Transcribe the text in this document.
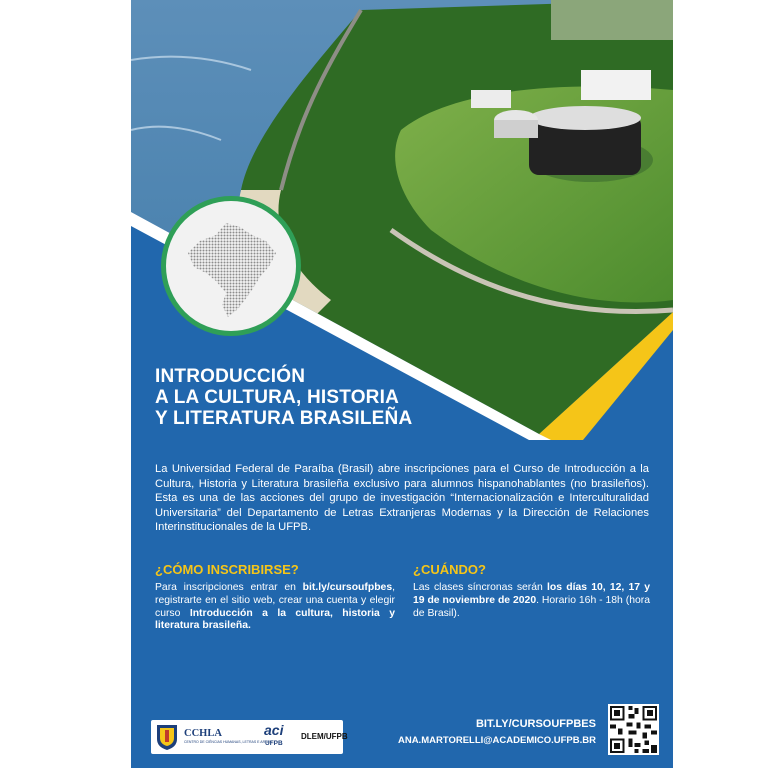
INTRODUCCIÓN
A LA CULTURA, HISTORIA
Y LITERATURA BRASILEÑA

La Universidad Federal de Paraíba (Brasil) abre inscripciones para el Curso de Introducción a la Cultura, Historia y Literatura brasileña exclusivo para alumnos hispanohablantes (no brasileños). Esta es una de las acciones del grupo de investigación “Internacionalización e Interculturalidad Universitaria” del Departamento de Letras Extranjeras Modernas y la Dirección de Relaciones Interinstitucionales de la UFPB.

¿CÓMO INSCRIBIRSE?

Para inscripciones entrar en bit.ly/cursoufpbes, registrarte en el sitio web, crear una cuenta y elegir curso Introducción a la cultura, historia y literatura brasileña.

¿CUÁNDO?

Las clases síncronas serán los días 10, 12, 17 y 19 de noviembre de 2020. Horario 16h - 18h (hora de Brasil).

CCHLA
CENTRO DE CIÊNCIAS HUMANAS, LETRAS E ARTES
aci
UFPB
DLEM/UFPB

BIT.LY/CURSOUFPBES

ANA.MARTORELLI@ACADEMICO.UFPB.BR
